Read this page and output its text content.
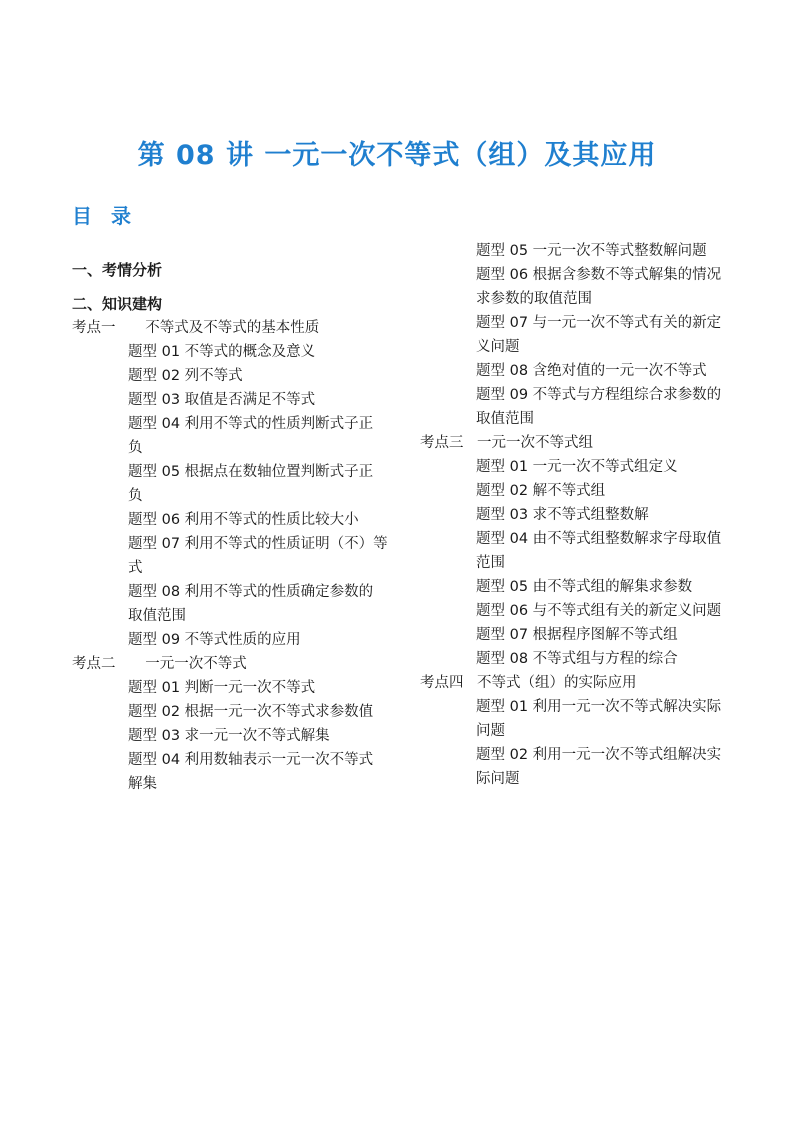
第 08 讲 一元一次不等式（组）及其应用
目 录

一、考情分析

二、知识建构

考点一	不等式及不等式的基本性质
题型 01 不等式的概念及意义
题型 02 列不等式
题型 03 取值是否满足不等式
题型 04 利用不等式的性质判断式子正负
题型 05 根据点在数轴位置判断式子正负
题型 06 利用不等式的性质比较大小
题型 07 利用不等式的性质证明（不）等式
题型 08 利用不等式的性质确定参数的取值范围
题型 09 不等式性质的应用
考点二	一元一次不等式
题型 01 判断一元一次不等式
题型 02 根据一元一次不等式求参数值
题型 03 求一元一次不等式解集
题型 04 利用数轴表示一元一次不等式解集
题型 05 一元一次不等式整数解问题
题型 06 根据含参数不等式解集的情况求参数的取值范围
题型 07 与一元一次不等式有关的新定义问题
题型 08 含绝对值的一元一次不等式
题型 09 不等式与方程组综合求参数的取值范围
考点三 一元一次不等式组
题型 01 一元一次不等式组定义
题型 02 解不等式组
题型 03 求不等式组整数解
题型 04 由不等式组整数解求字母取值范围
题型 05 由不等式组的解集求参数
题型 06 与不等式组有关的新定义问题
题型 07 根据程序图解不等式组
题型 08 不等式组与方程的综合
考点四 不等式（组）的实际应用
题型 01 利用一元一次不等式解决实际问题
题型 02 利用一元一次不等式组解决实际问题
